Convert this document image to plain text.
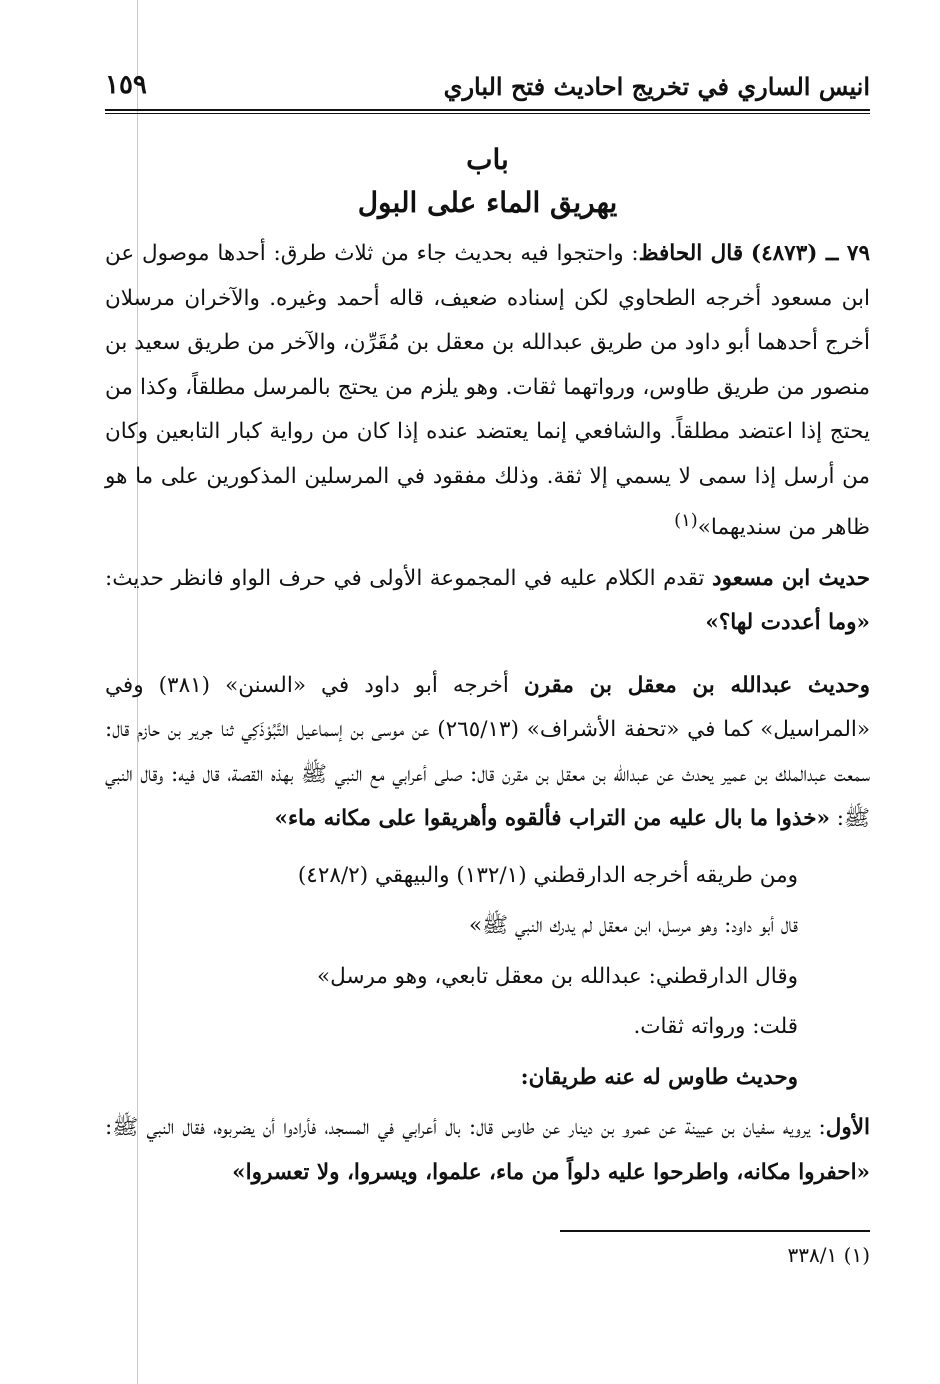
انيس الساري في تخريج احاديث فتح الباري
١٥٩
باب
يهريق الماء على البول

٧٩ ــ (٤٨٧٣) قال الحافظ: واحتجوا فيه بحديث جاء من ثلاث طرق: أحدها موصول عن ابن مسعود أخرجه الطحاوي لكن إسناده ضعيف، قاله أحمد وغيره. والآخران مرسلان أخرج أحدهما أبو داود من طريق عبدالله بن معقل بن مُقَرِّن، والآخر من طريق سعيد بن منصور من طريق طاوس، ورواتهما ثقات. وهو يلزم من يحتج بالمرسل مطلقاً، وكذا من يحتج إذا اعتضد مطلقاً. والشافعي إنما يعتضد عنده إذا كان من رواية كبار التابعين وكان من أرسل إذا سمى لا يسمي إلا ثقة. وذلك مفقود في المرسلين المذكورين على ما هو ظاهر من سنديهما»$^{(١)}$

حديث ابن مسعود تقدم الكلام عليه في المجموعة الأولى في حرف الواو فانظر حديث: «وما أعددت لها؟»

وحديث عبدالله بن معقل بن مقرن أخرجه أبو داود في «السنن» (٣٨١) وفي «المراسيل» كما في «تحفة الأشراف» (٢٦٥/١٣) عن موسى بن إسماعيل التَّبُوْذَكِي ثنا جرير بن حازم قال: سمعت عبدالملك بن عمير يحدث عن عبدالله بن معقل بن مقرن قال: صلى أعرابي مع النبي ﷺ بهذه القصة، قال فيه: وقال النبي ﷺ: «خذوا ما بال عليه من التراب فألقوه وأهريقوا على مكانه ماء»

ومن طريقه أخرجه الدارقطني (١٣٢/١) والبيهقي (٤٢٨/٢)

قال أبو داود: وهو مرسل، ابن معقل لم يدرك النبي ﷺ»

وقال الدارقطني: عبدالله بن معقل تابعي، وهو مرسل»

قلت: ورواته ثقات.

وحديث طاوس له عنه طريقان:

الأول: يرويه سفيان بن عيينة عن عمرو بن دينار عن طاوس قال: بال أعرابي في المسجد، فأرادوا أن يضربوه، فقال النبي ﷺ: «احفروا مكانه، واطرحوا عليه دلواً من ماء، علموا، ويسروا، ولا تعسروا»

(١) ٣٣٨/١
